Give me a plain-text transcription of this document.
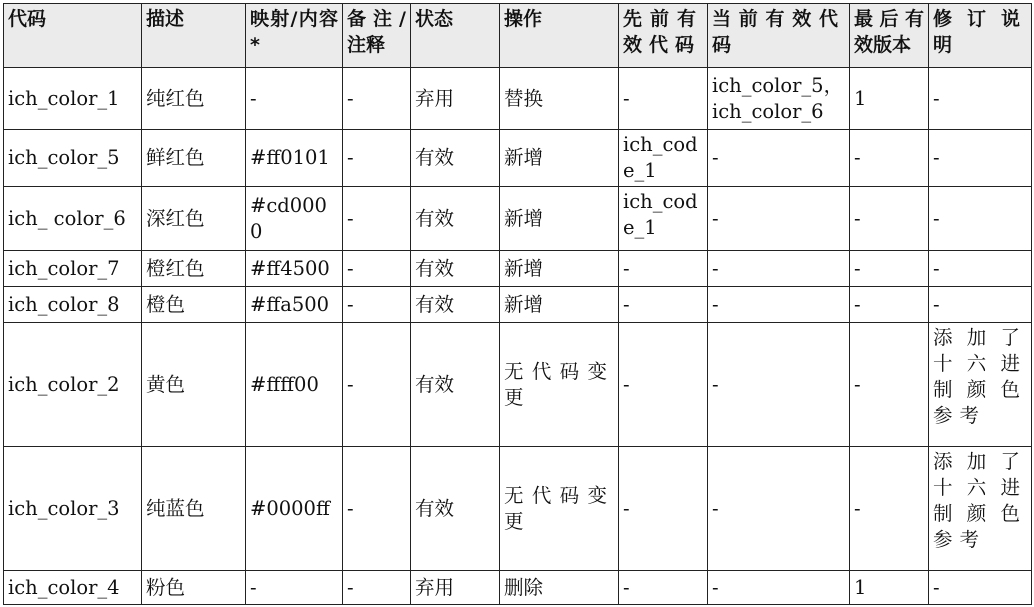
代码	描述	映射/内容*	备注/注释	状态	操作	先前有效代码	当前有效代码	最后有效版本	修订说明
ich_color_1	纯红色	-	-	弃用	替换	-	ich_color_5，ich_color_6	1	-
ich_color_5	鲜红色	#ff0101	-	有效	新增	ich_code_1	-	-	-
ich_ color_6	深红色	#cd0000	-	有效	新增	ich_code_1	-	-	-
ich_color_7	橙红色	#ff4500	-	有效	新增	-	-	-	-
ich_color_8	橙色	#ffa500	-	有效	新增	-	-	-	-
ich_color_2	黄色	#ffff00	-	有效	无代码变更	-	-	-	添加了十六进制颜色参考
ich_color_3	纯蓝色	#0000ff	-	有效	无代码变更	-	-	-	添加了十六进制颜色参考
ich_color_4	粉色	-	-	弃用	删除	-	-	1	-
